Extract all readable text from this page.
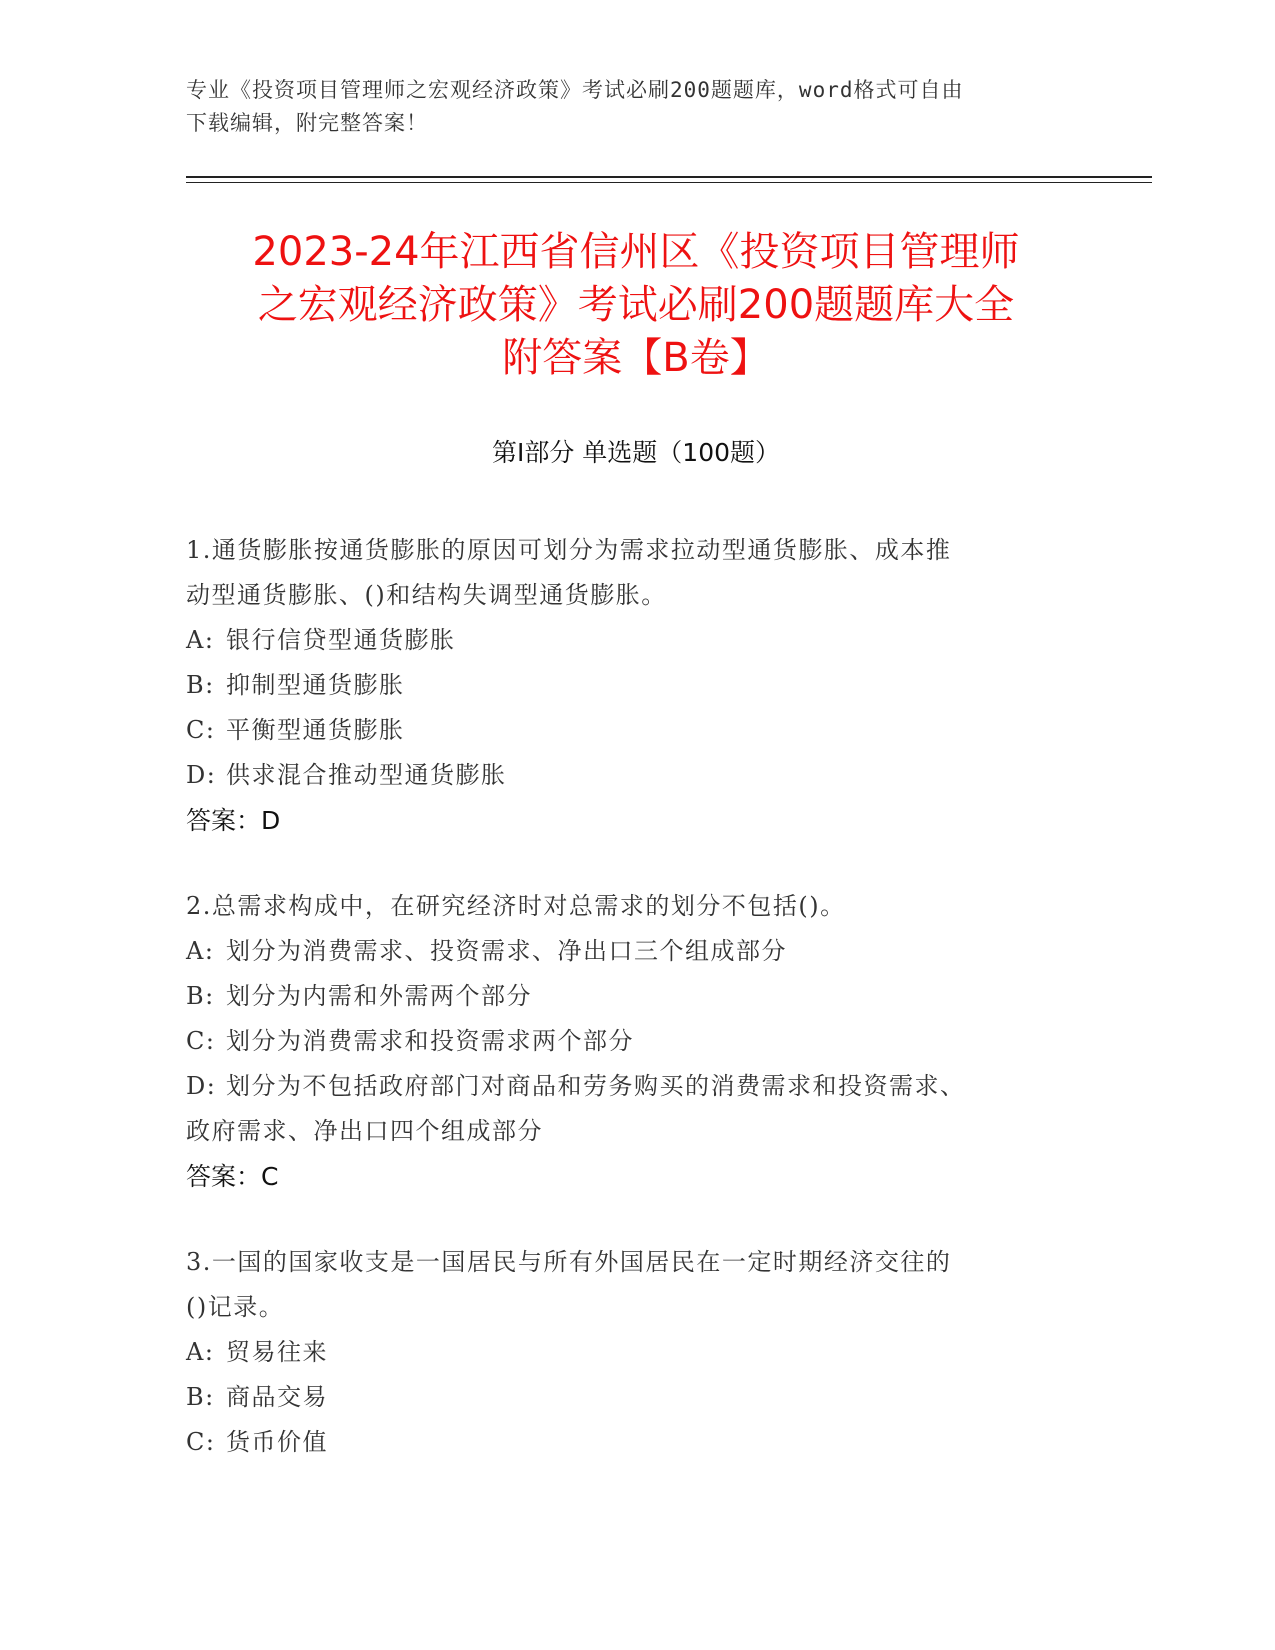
专业《投资项目管理师之宏观经济政策》考试必刷200题题库，word格式可自由
下载编辑，附完整答案！
2023-24年江西省信州区《投资项目管理师
之宏观经济政策》考试必刷200题题库大全
附答案【B卷】
第Ⅰ部分 单选题（100题）
1.通货膨胀按通货膨胀的原因可划分为需求拉动型通货膨胀、成本推
动型通货膨胀、()和结构失调型通货膨胀。
A: 银行信贷型通货膨胀
B: 抑制型通货膨胀
C: 平衡型通货膨胀
D: 供求混合推动型通货膨胀
答案：D
2.总需求构成中，在研究经济时对总需求的划分不包括()。
A: 划分为消费需求、投资需求、净出口三个组成部分
B: 划分为内需和外需两个部分
C: 划分为消费需求和投资需求两个部分
D: 划分为不包括政府部门对商品和劳务购买的消费需求和投资需求、
政府需求、净出口四个组成部分
答案：C
3.一国的国家收支是一国居民与所有外国居民在一定时期经济交往的
()记录。
A: 贸易往来
B: 商品交易
C: 货币价值
